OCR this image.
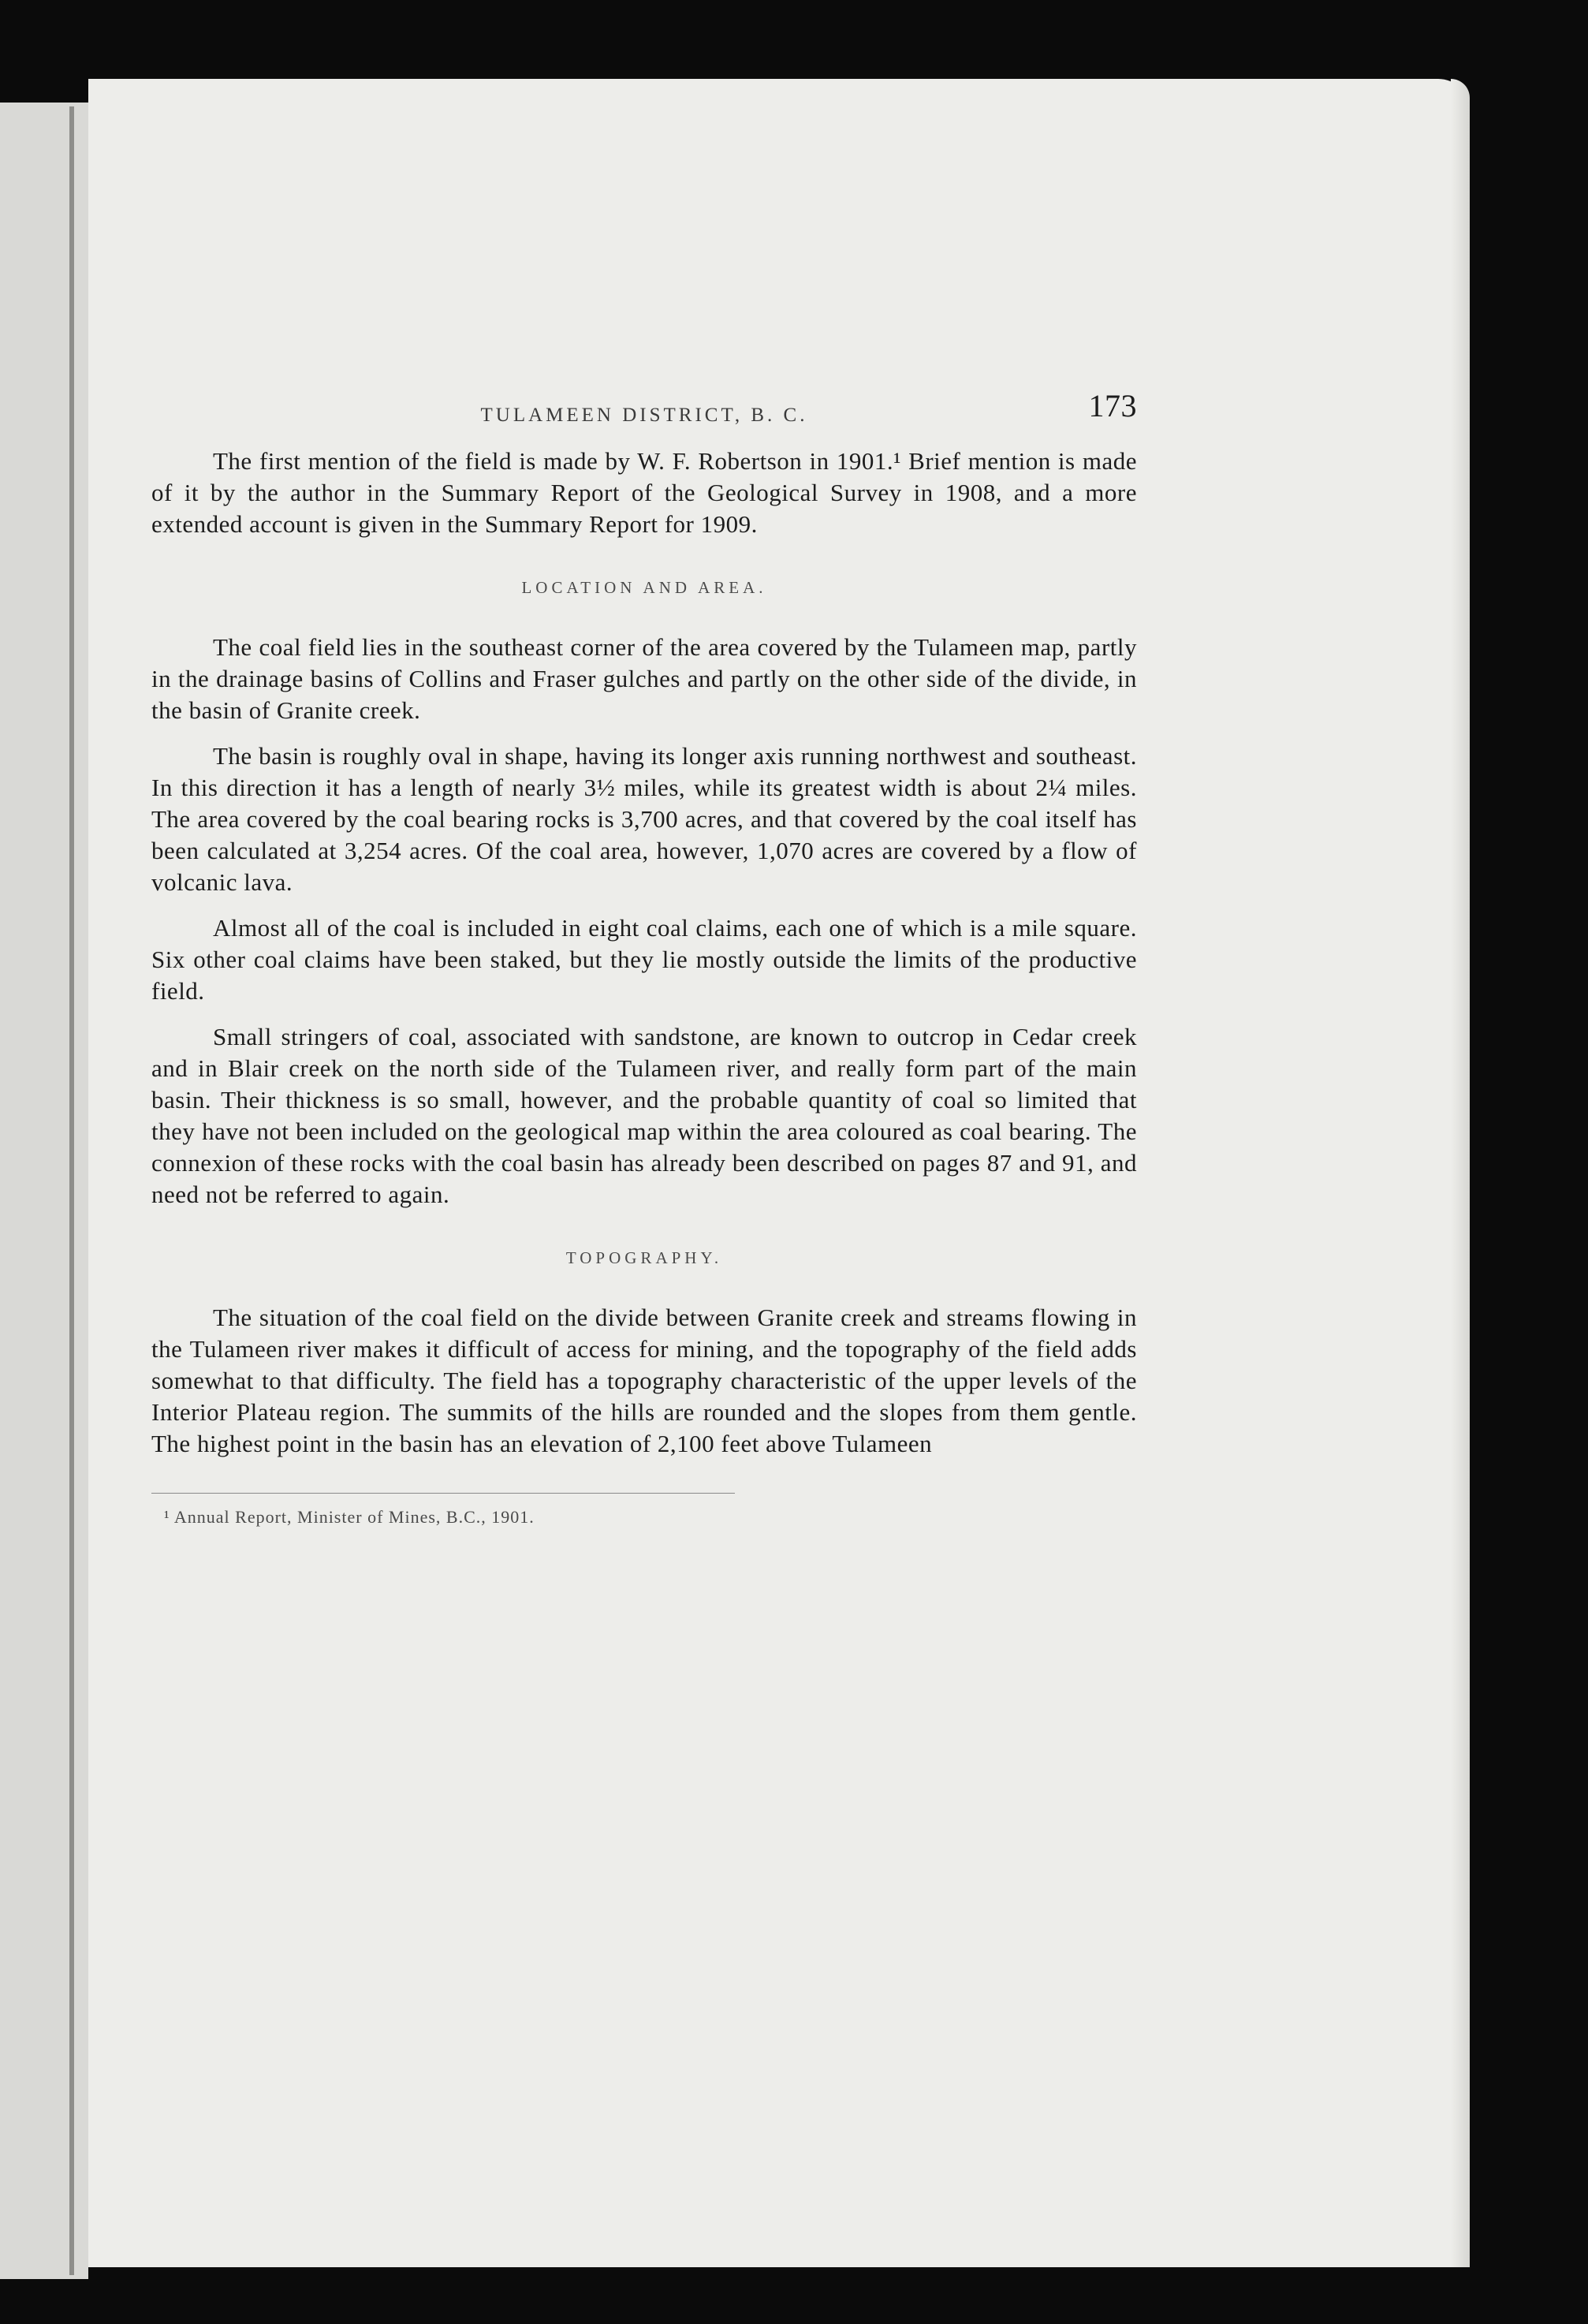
TULAMEEN DISTRICT, B. C.	173

The first mention of the field is made by W. F. Robertson in 1901.¹ Brief mention is made of it by the author in the Summary Report of the Geological Survey in 1908, and a more extended account is given in the Summary Report for 1909.

LOCATION AND AREA.

The coal field lies in the southeast corner of the area covered by the Tulameen map, partly in the drainage basins of Collins and Fraser gulches and partly on the other side of the divide, in the basin of Granite creek.

The basin is roughly oval in shape, having its longer axis running northwest and southeast. In this direction it has a length of nearly 3½ miles, while its greatest width is about 2¼ miles. The area covered by the coal bearing rocks is 3,700 acres, and that covered by the coal itself has been calculated at 3,254 acres. Of the coal area, however, 1,070 acres are covered by a flow of volcanic lava.

Almost all of the coal is included in eight coal claims, each one of which is a mile square. Six other coal claims have been staked, but they lie mostly outside the limits of the productive field.

Small stringers of coal, associated with sandstone, are known to outcrop in Cedar creek and in Blair creek on the north side of the Tulameen river, and really form part of the main basin. Their thickness is so small, however, and the probable quantity of coal so limited that they have not been included on the geological map within the area coloured as coal bearing. The connexion of these rocks with the coal basin has already been described on pages 87 and 91, and need not be referred to again.

TOPOGRAPHY.

The situation of the coal field on the divide between Granite creek and streams flowing in the Tulameen river makes it difficult of access for mining, and the topography of the field adds somewhat to that difficulty. The field has a topography characteristic of the upper levels of the Interior Plateau region. The summits of the hills are rounded and the slopes from them gentle. The highest point in the basin has an elevation of 2,100 feet above Tulameen

¹ Annual Report, Minister of Mines, B.C., 1901.
